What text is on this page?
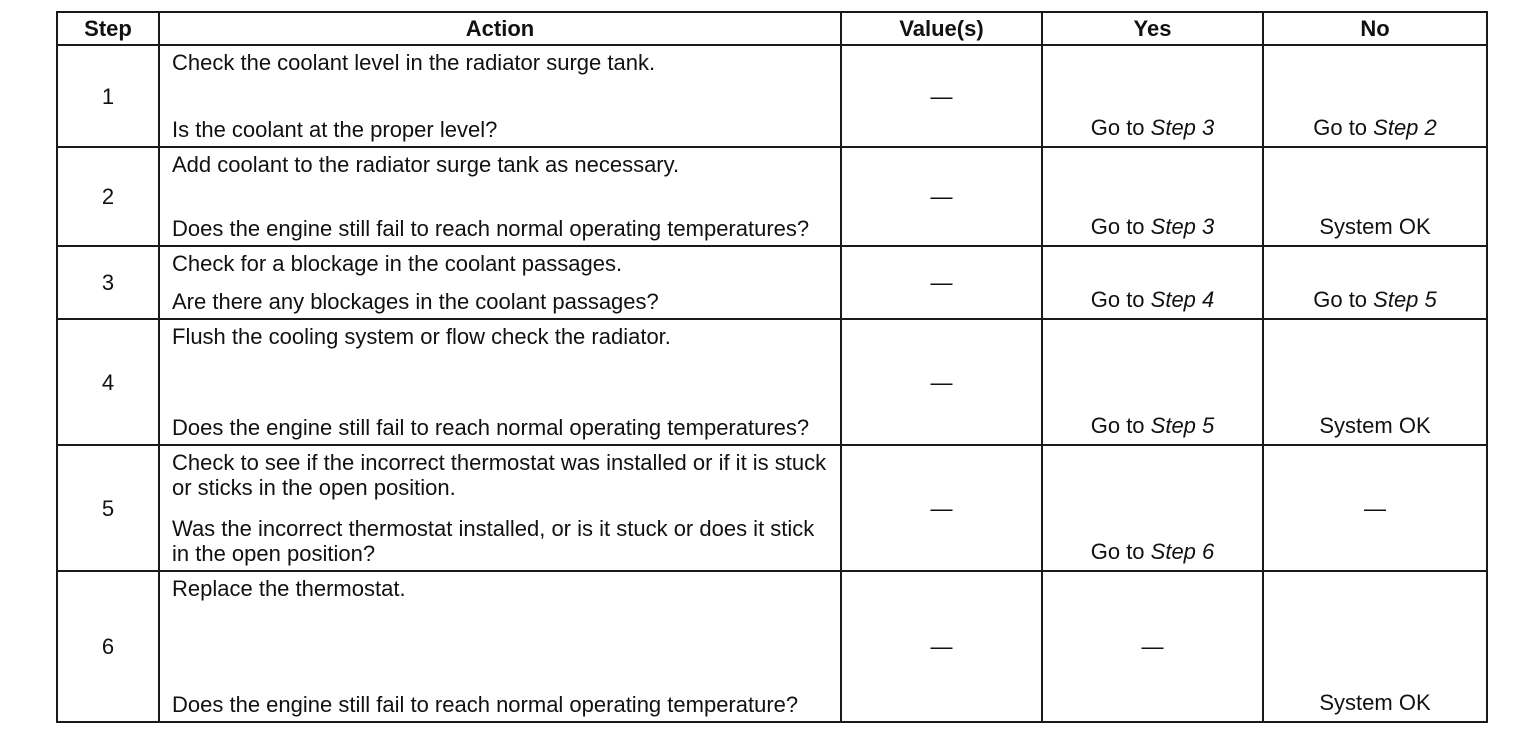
Step	Action	Value(s)	Yes	No
1	Check the coolant level in the radiator surge tank.
Is the coolant at the proper level?	—	Go to Step 3	Go to Step 2
2	Add coolant to the radiator surge tank as necessary.
Does the engine still fail to reach normal operating temperatures?	—	Go to Step 3	System OK
3	Check for a blockage in the coolant passages.
Are there any blockages in the coolant passages?	—	Go to Step 4	Go to Step 5
4	Flush the cooling system or flow check the radiator.
Does the engine still fail to reach normal operating temperatures?	—	Go to Step 5	System OK
5	Check to see if the incorrect thermostat was installed or if it is stuck or sticks in the open position.
Was the incorrect thermostat installed, or is it stuck or does it stick in the open position?	—	Go to Step 6	—
6	Replace the thermostat.
Does the engine still fail to reach normal operating temperature?	—	—	System OK
